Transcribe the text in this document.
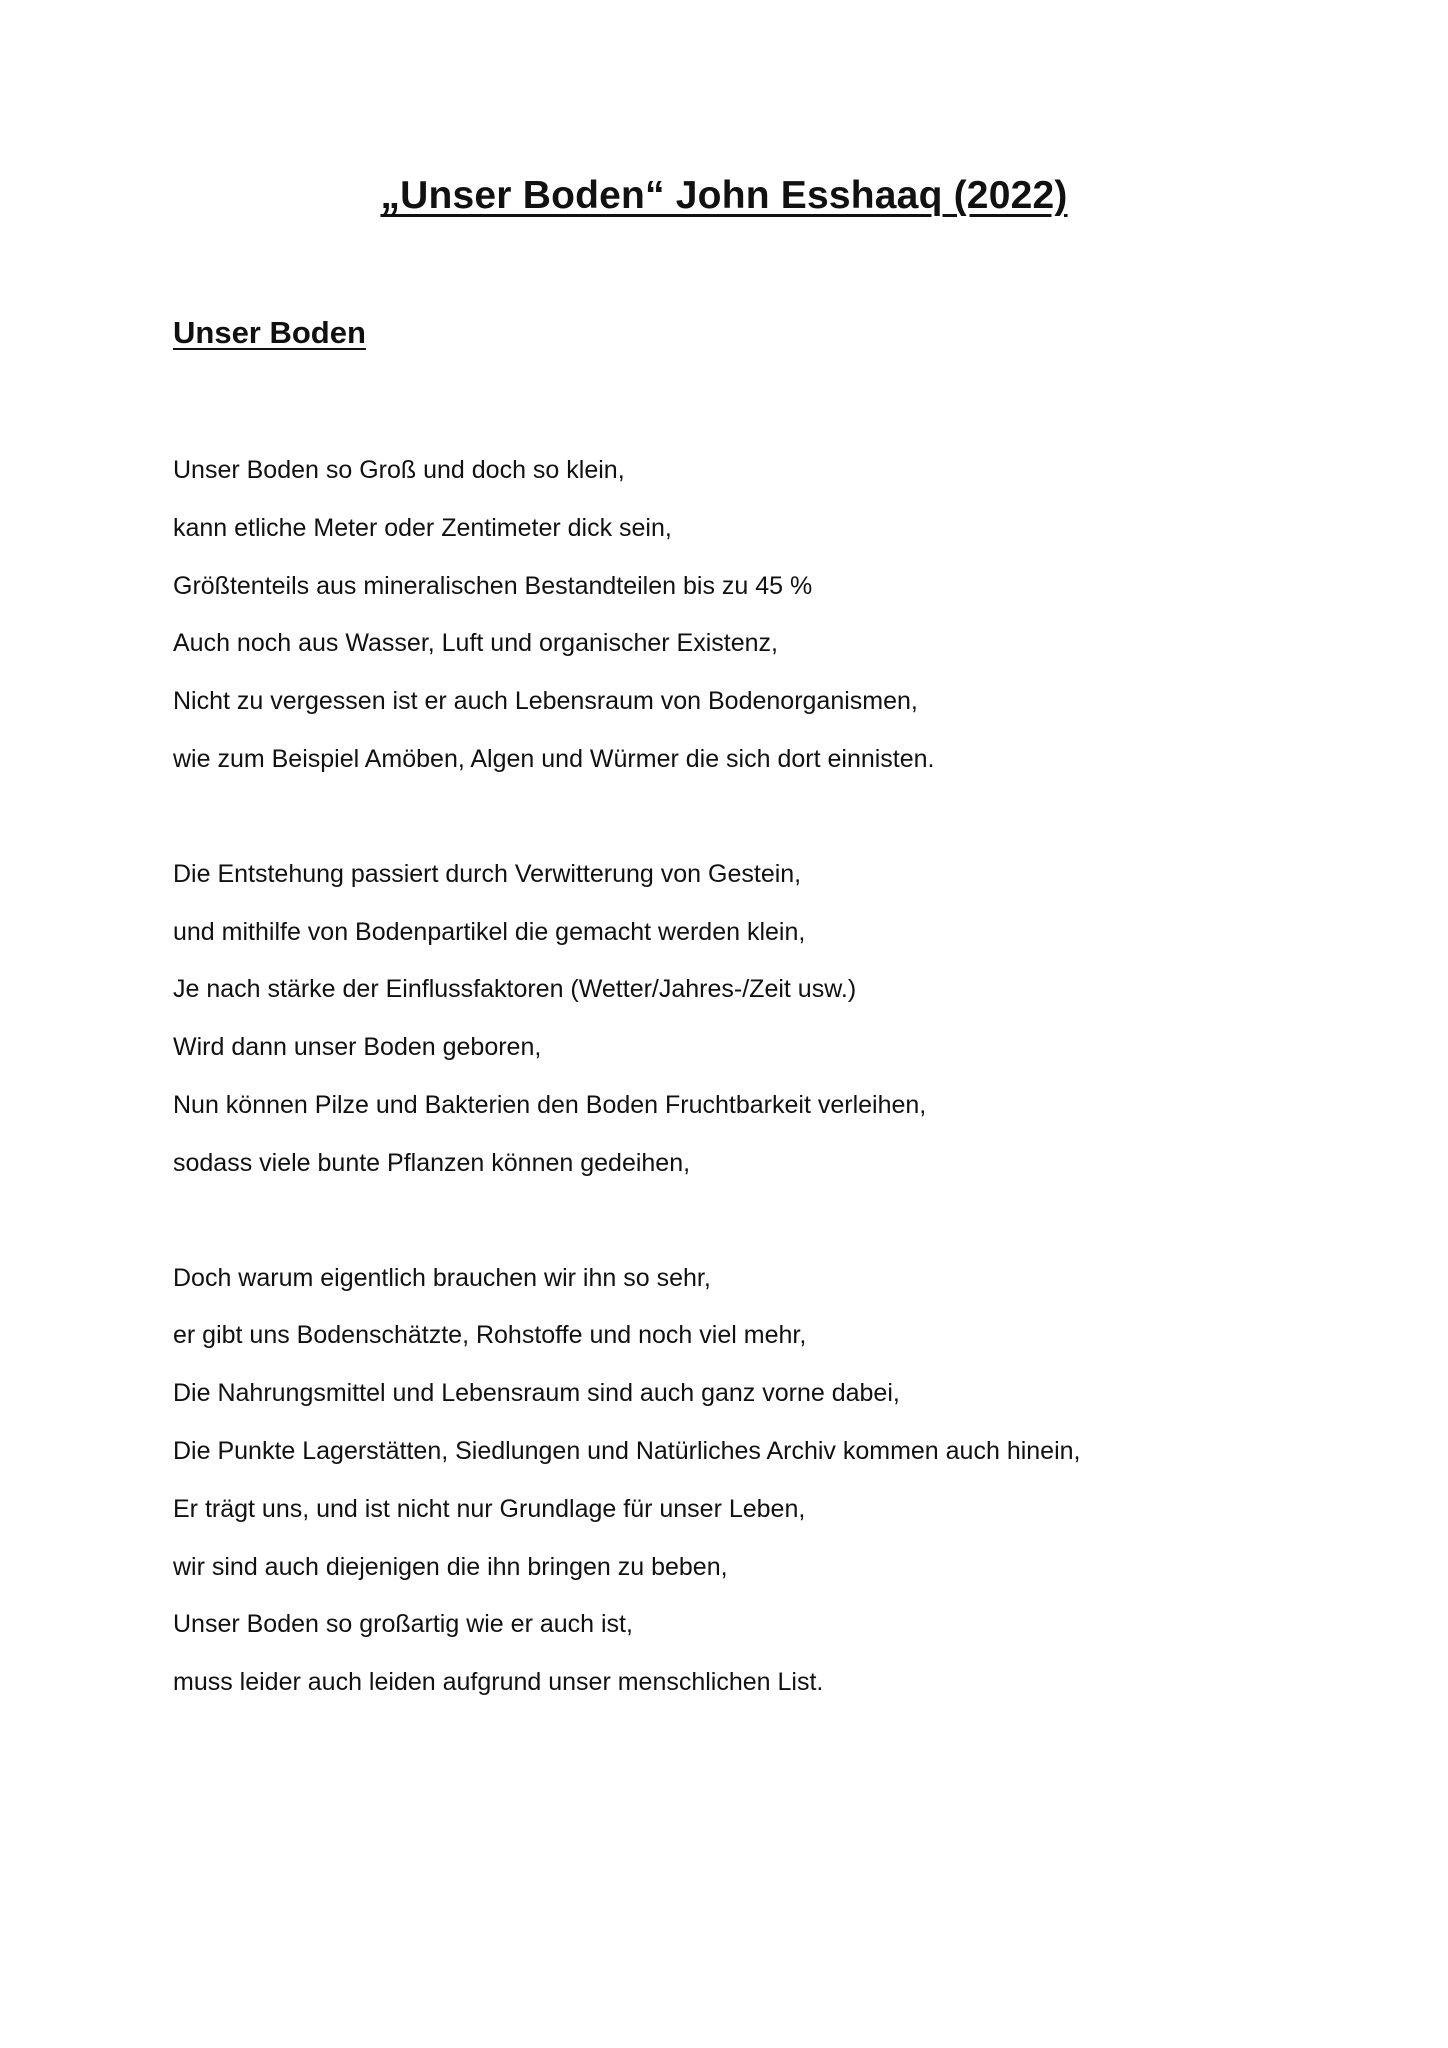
„Unser Boden“ John Esshaaq (2022)
Unser Boden
Unser Boden so Groß und doch so klein,
kann etliche Meter oder Zentimeter dick sein,
Größtenteils aus mineralischen Bestandteilen bis zu 45 %
Auch noch aus Wasser, Luft und organischer Existenz,
Nicht zu vergessen ist er auch Lebensraum von Bodenorganismen,
wie zum Beispiel Amöben, Algen und Würmer die sich dort einnisten.
Die Entstehung passiert durch Verwitterung von Gestein,
und mithilfe von Bodenpartikel die gemacht werden klein,
Je nach stärke der Einflussfaktoren (Wetter/Jahres-/Zeit usw.)
Wird dann unser Boden geboren,
Nun können Pilze und Bakterien den Boden Fruchtbarkeit verleihen,
sodass viele bunte Pflanzen können gedeihen,
Doch warum eigentlich brauchen wir ihn so sehr,
er gibt uns Bodenschätzte, Rohstoffe und noch viel mehr,
Die Nahrungsmittel und Lebensraum sind auch ganz vorne dabei,
Die Punkte Lagerstätten, Siedlungen und Natürliches Archiv kommen auch hinein,
Er trägt uns, und ist nicht nur Grundlage für unser Leben,
wir sind auch diejenigen die ihn bringen zu beben,
Unser Boden so großartig wie er auch ist,
muss leider auch leiden aufgrund unser menschlichen List.
